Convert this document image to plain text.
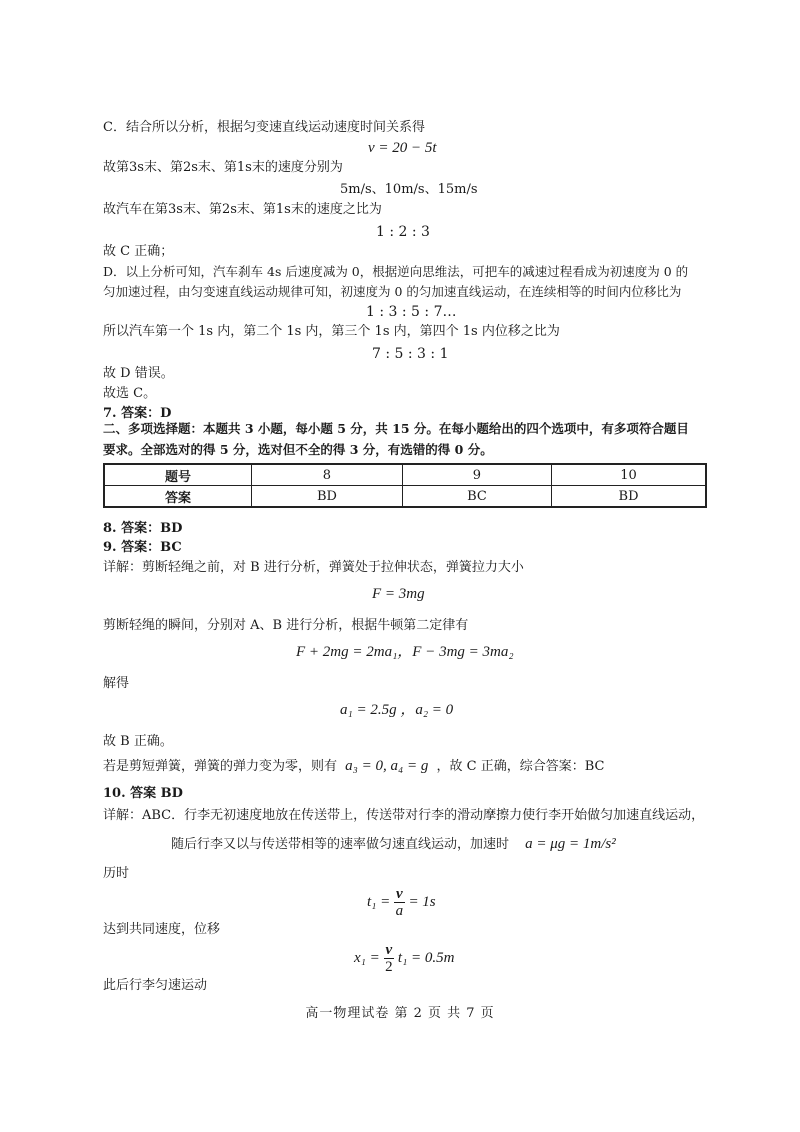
C．结合所以分析，根据匀变速直线运动速度时间关系得
v = 20 − 5t
故第3s末、第2s末、第1s末的速度分别为
5m/s、10m/s、15m/s
故汽车在第3s末、第2s末、第1s末的速度之比为
1 : 2 : 3
故 C 正确；
D．以上分析可知，汽车刹车 4s 后速度减为 0，根据逆向思维法，可把车的减速过程看成为初速度为 0 的
匀加速过程，由匀变速直线运动规律可知，初速度为 0 的匀加速直线运动，在连续相等的时间内位移比为
1 : 3 : 5 : 7…
所以汽车第一个 1s 内，第二个 1s 内，第三个 1s 内，第四个 1s 内位移之比为
7 : 5 : 3 : 1
故 D 错误。
故选 C。
7. 答案：D
二、多项选择题：本题共 3 小题，每小题 5 分，共 15 分。在每小题给出的四个选项中，有多项符合题目
要求。全部选对的得 5 分，选对但不全的得 3 分，有选错的得 0 分。
题号	8	9	10
答案	BD	BC	BD
8. 答案：BD
9. 答案：BC
详解：剪断轻绳之前，对 B 进行分析，弹簧处于拉伸状态，弹簧拉力大小
F = 3mg
剪断轻绳的瞬间，分别对 A、B 进行分析，根据牛顿第二定律有
F + 2mg = 2ma₁，F − 3mg = 3ma₂
解得
a₁ = 2.5g ，a₂ = 0
故 B 正确。
若是剪短弹簧，弹簧的弹力变为零，则有 a₃ = 0, a₄ = g ，故 C 正确，综合答案：BC
10. 答案 BD
详解：ABC．行李无初速度地放在传送带上，传送带对行李的滑动摩擦力使行李开始做匀加速直线运动，
随后行李又以与传送带相等的速率做匀速直线运动，加速时 a = μg = 1m/s²
历时
$t_1 = \frac{v}{a} = 1s$
达到共同速度，位移
$x_1 = \frac{v}{2} t_1 = 0.5m$
此后行李匀速运动
高一物理试卷 第 2 页 共 7 页
